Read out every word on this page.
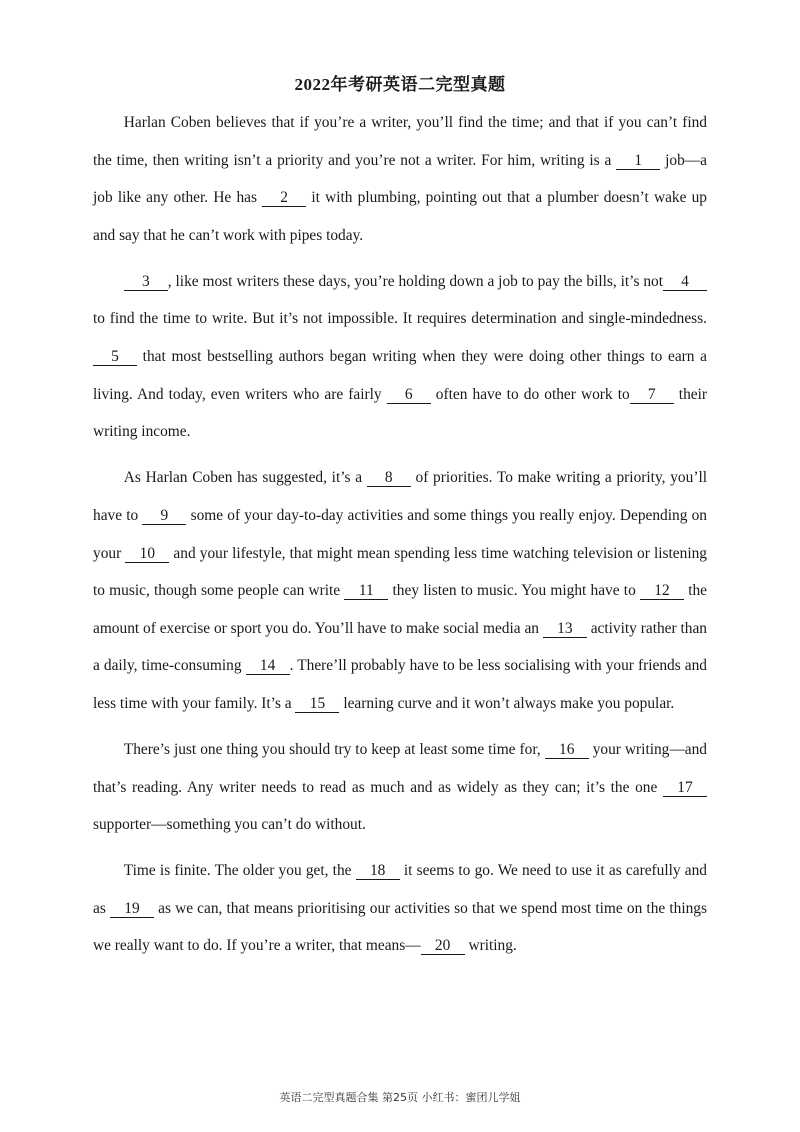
2022年考研英语二完型真题

Harlan Coben believes that if you’re a writer, you’ll find the time; and that if you can’t find the time, then writing isn’t a priority and you’re not a writer. For him, writing is a 1 job—a job like any other. He has 2 it with plumbing, pointing out that a plumber doesn’t wake up and say that he can’t work with pipes today.

3 , like most writers these days, you’re holding down a job to pay the bills, it’s not 4 to find the time to write. But it’s not impossible. It requires determination and single-mindedness. 5 that most bestselling authors began writing when they were doing other things to earn a living. And today, even writers who are fairly 6 often have to do other work to 7 their writing income.

As Harlan Coben has suggested, it’s a 8 of priorities. To make writing a priority, you’ll have to 9 some of your day-to-day activities and some things you really enjoy. Depending on your 10 and your lifestyle, that might mean spending less time watching television or listening to music, though some people can write 11 they listen to music. You might have to 12 the amount of exercise or sport you do. You’ll have to make social media an 13 activity rather than a daily, time-consuming 14 . There’ll probably have to be less socialising with your friends and less time with your family. It’s a 15 learning curve and it won’t always make you popular.

There’s just one thing you should try to keep at least some time for, 16 your writing—and that’s reading. Any writer needs to read as much and as widely as they can; it’s the one 17 supporter—something you can’t do without.

Time is finite. The older you get, the 18 it seems to go. We need to use it as carefully and as 19 as we can, that means prioritising our activities so that we spend most time on the things we really want to do. If you’re a writer, that means— 20 writing.

英语二完型真题合集 第25页 小红书：蜜团儿学姐
